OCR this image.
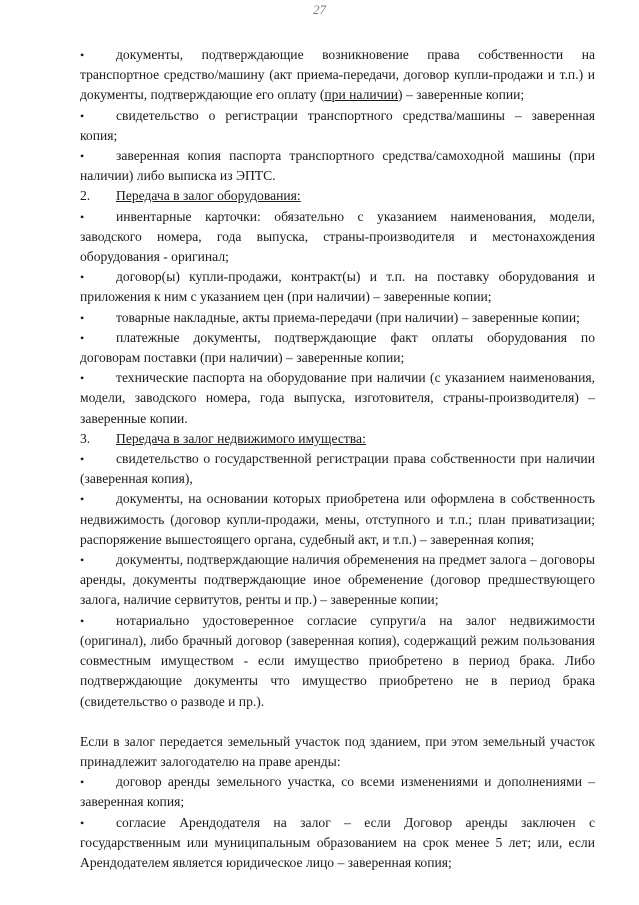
27

• документы, подтверждающие возникновение права собственности на транспортное средство/машину (акт приема-передачи, договор купли-продажи и т.п.) и документы, подтверждающие его оплату (при наличии) – заверенные копии;

• свидетельство о регистрации транспортного средства/машины – заверенная копия;

• заверенная копия паспорта транспортного средства/самоходной машины (при наличии) либо выписка из ЭПТС.

2. Передача в залог оборудования:

• инвентарные карточки: обязательно с указанием наименования, модели, заводского номера, года выпуска, страны-производителя и местонахождения оборудования - оригинал;

• договор(ы) купли-продажи, контракт(ы) и т.п. на поставку оборудования и приложения к ним с указанием цен (при наличии) – заверенные копии;

• товарные накладные, акты приема-передачи (при наличии) – заверенные копии;

• платежные документы, подтверждающие факт оплаты оборудования по договорам поставки (при наличии) – заверенные копии;

• технические паспорта на оборудование при наличии (с указанием наименования, модели, заводского номера, года выпуска, изготовителя, страны-производителя) – заверенные копии.

3. Передача в залог недвижимого имущества:

• свидетельство о государственной регистрации права собственности при наличии (заверенная копия),

• документы, на основании которых приобретена или оформлена в собственность недвижимость (договор купли-продажи, мены, отступного и т.п.; план приватизации; распоряжение вышестоящего органа, судебный акт, и т.п.) – заверенная копия;

• документы, подтверждающие наличия обременения на предмет залога – договоры аренды, документы подтверждающие иное обременение (договор предшествующего залога, наличие сервитутов, ренты и пр.) – заверенные копии;

• нотариально удостоверенное согласие супруги/а на залог недвижимости (оригинал), либо брачный договор (заверенная копия), содержащий режим пользования совместным имуществом - если имущество приобретено в период брака. Либо подтверждающие документы что имущество приобретено не в период брака (свидетельство о разводе и пр.).

Если в залог передается земельный участок под зданием, при этом земельный участок принадлежит залогодателю на праве аренды:

• договор аренды земельного участка, со всеми изменениями и дополнениями – заверенная копия;

• согласие Арендодателя на залог – если Договор аренды заключен с государственным или муниципальным образованием на срок менее 5 лет; или, если Арендодателем является юридическое лицо – заверенная копия;
